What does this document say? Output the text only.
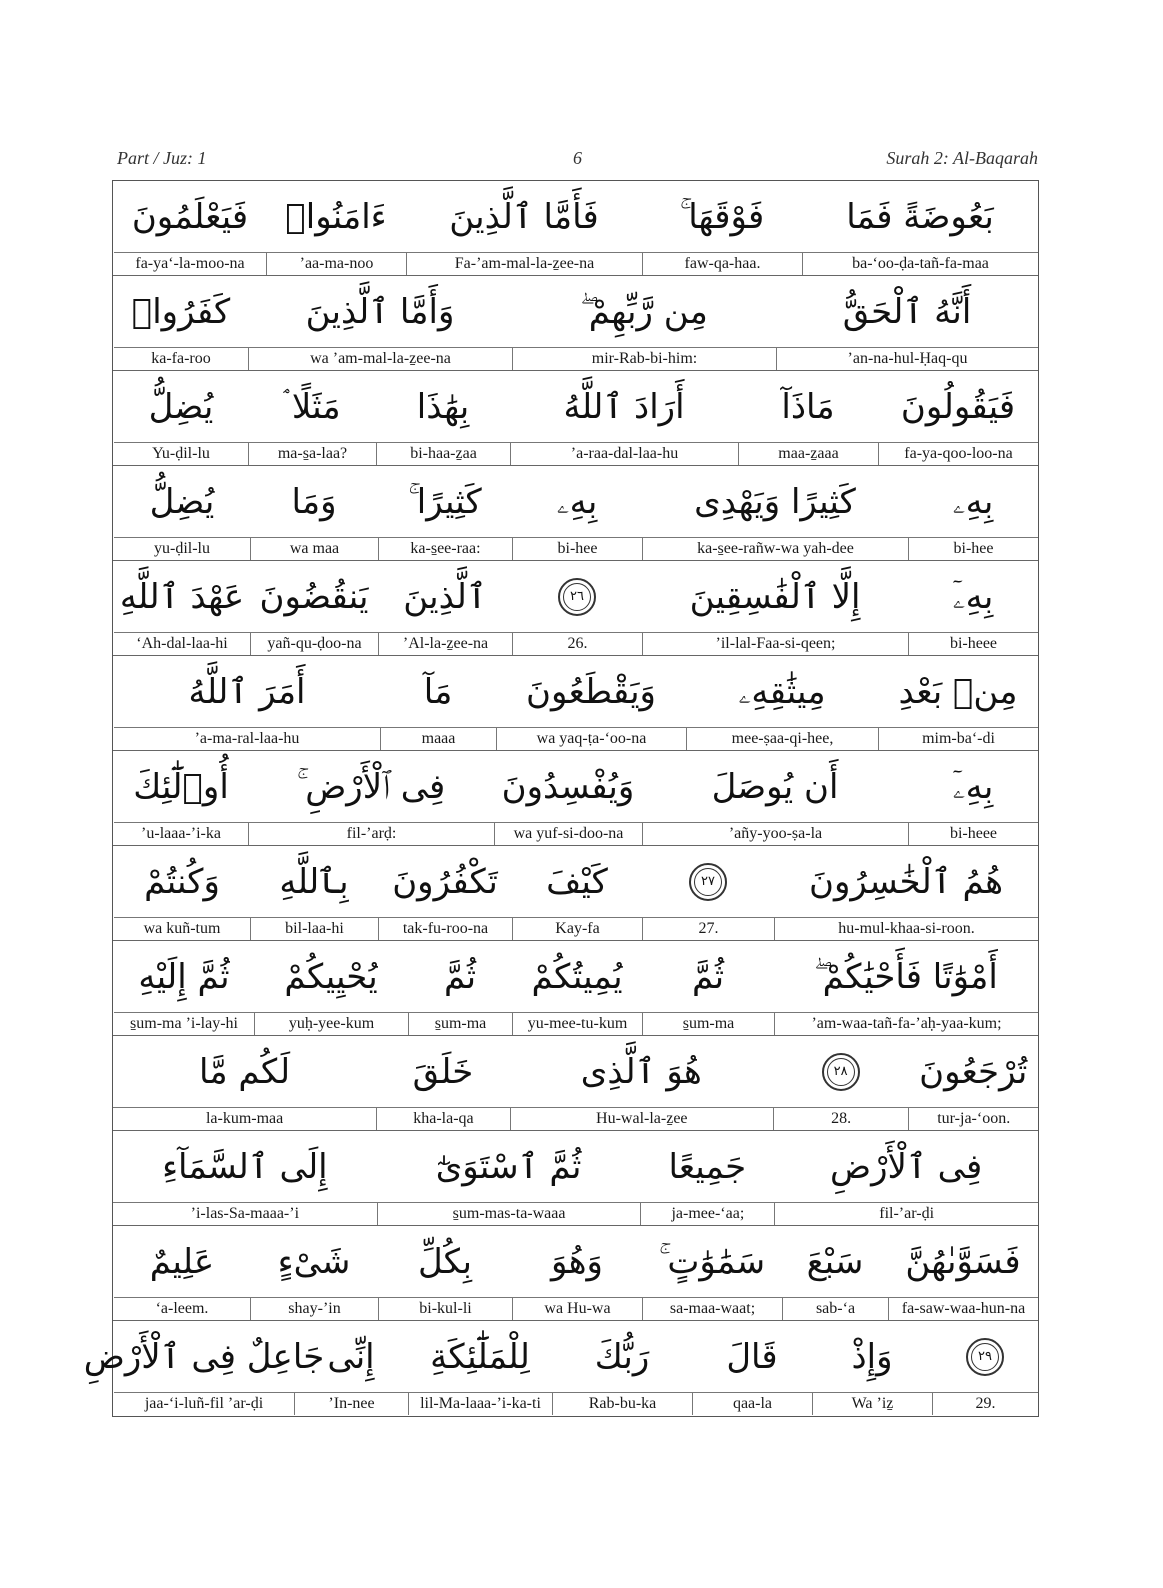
Part / Juz: 1	6	Surah 2: Al-Baqarah
بَعُوضَةً فَمَا
ba-‘oo-ḍa-tañ-fa-maa
فَوْقَهَا ۚ
faw-qa-haa.
فَأَمَّا ٱلَّذِينَ
Fa-’am-mal-la-ẕee-na
ءَامَنُوا۟
’aa-ma-noo
فَيَعْلَمُونَ
fa-ya‘-la-moo-na
أَنَّهُ ٱلْحَقُّ
’an-na-hul-Ḥaq-qu
مِن رَّبِّهِمْ ۖ
mir-Rab-bi-him:
وَأَمَّا ٱلَّذِينَ
wa ’am-mal-la-ẕee-na
كَفَرُوا۟
ka-fa-roo
فَيَقُولُونَ
fa-ya-qoo-loo-na
مَاذَآ
maa-ẕaaa
أَرَادَ ٱللَّهُ
’a-raa-dal-laa-hu
بِهَٰذَا
bi-haa-ẕaa
مَثَلًا ۘ
ma-s̱a-laa?
يُضِلُّ
Yu-ḍil-lu
بِهِۦ
bi-hee
كَثِيرًا وَيَهْدِى
ka-s̱ee-rañw-wa yah-dee
بِهِۦ
bi-hee
كَثِيرًا ۚ
ka-s̱ee-raa:
وَمَا
wa maa
يُضِلُّ
yu-ḍil-lu
بِهِۦٓ
bi-heee
إِلَّا ٱلْفَٰسِقِينَ
’il-lal-Faa-si-qeen;
٢٦
26.
ٱلَّذِينَ
’Al-la-ẕee-na
يَنقُضُونَ
yañ-qu-ḍoo-na
عَهْدَ ٱللَّهِ
‘Ah-dal-laa-hi
مِنۢ بَعْدِ
mim-ba‘-di
مِيثَٰقِهِۦ
mee-ṣaa-qi-hee,
وَيَقْطَعُونَ
wa yaq-ṭa-‘oo-na
مَآ
maaa
أَمَرَ ٱللَّهُ
’a-ma-ral-laa-hu
بِهِۦٓ
bi-heee
أَن يُوصَلَ
’añy-yoo-ṣa-la
وَيُفْسِدُونَ
wa yuf-si-doo-na
فِى ٱلْأَرْضِ ۚ
fil-’arḍ:
أُو۟لَٰٓئِكَ
’u-laaa-’i-ka
هُمُ ٱلْخَٰسِرُونَ
hu-mul-khaa-si-roon.
٢٧
27.
كَيْفَ
Kay-fa
تَكْفُرُونَ
tak-fu-roo-na
بِٱللَّهِ
bil-laa-hi
وَكُنتُمْ
wa kuñ-tum
أَمْوَٰتًا فَأَحْيَٰكُمْ ۖ
’am-waa-tañ-fa-’aḥ-yaa-kum;
ثُمَّ
s̱um-ma
يُمِيتُكُمْ
yu-mee-tu-kum
ثُمَّ
s̱um-ma
يُحْيِيكُمْ
yuḥ-yee-kum
ثُمَّ إِلَيْهِ
s̱um-ma ’i-lay-hi
تُرْجَعُونَ
tur-ja-‘oon.
٢٨
28.
هُوَ ٱلَّذِى
Hu-wal-la-ẕee
خَلَقَ
kha-la-qa
لَكُم مَّا
la-kum-maa
فِى ٱلْأَرْضِ
fil-’ar-ḍi
جَمِيعًا
ja-mee-‘aa;
ثُمَّ ٱسْتَوَىٰٓ
s̱um-mas-ta-waaa
إِلَى ٱلسَّمَآءِ
’i-las-Sa-maaa-’i
فَسَوَّىٰهُنَّ
fa-saw-waa-hun-na
سَبْعَ
sab-‘a
سَمَٰوَٰتٍ ۚ
sa-maa-waat;
وَهُوَ
wa Hu-wa
بِكُلِّ
bi-kul-li
شَىْءٍ
shay-’in
عَلِيمٌ
‘a-leem.
٢٩
29.
وَإِذْ
Wa ’iẕ
قَالَ
qaa-la
رَبُّكَ
Rab-bu-ka
لِلْمَلَٰٓئِكَةِ
lil-Ma-laaa-’i-ka-ti
إِنِّى
’In-nee
جَاعِلٌ فِى ٱلْأَرْضِ
jaa-‘i-luñ-fil ’ar-ḍi
